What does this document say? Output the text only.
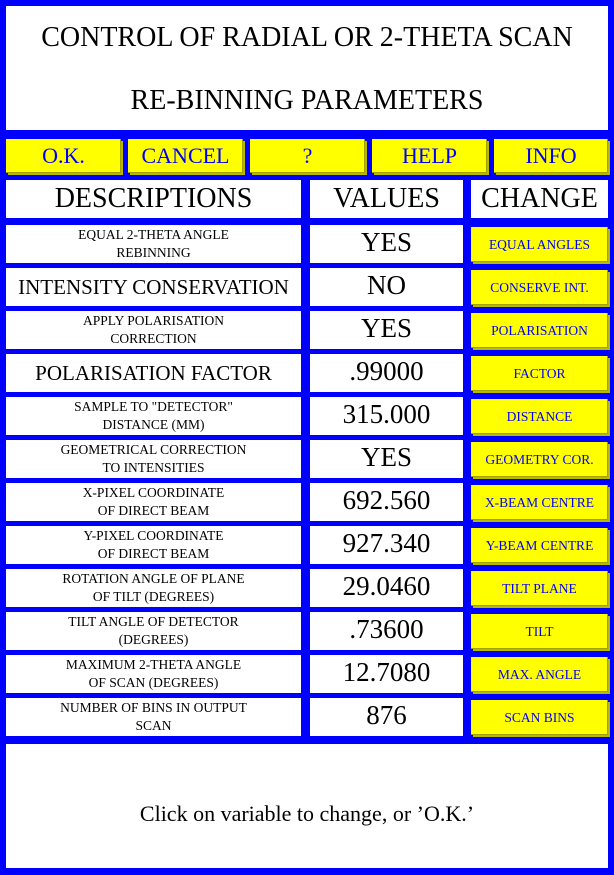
CONTROL OF RADIAL OR 2-THETA SCAN
RE-BINNING PARAMETERS
O.K.	CANCEL	?	HELP	INFO
DESCRIPTIONS	VALUES	CHANGE
EQUAL 2-THETA ANGLE
REBINNING	YES	EQUAL ANGLES
INTENSITY CONSERVATION	NO	CONSERVE INT.
APPLY POLARISATION
CORRECTION	YES	POLARISATION
POLARISATION FACTOR	.99000	FACTOR
SAMPLE TO "DETECTOR"
DISTANCE (MM)	315.000	DISTANCE
GEOMETRICAL CORRECTION
TO INTENSITIES	YES	GEOMETRY COR.
X-PIXEL COORDINATE
OF DIRECT BEAM	692.560	X-BEAM CENTRE
Y-PIXEL COORDINATE
OF DIRECT BEAM	927.340	Y-BEAM CENTRE
ROTATION ANGLE OF PLANE
OF TILT (DEGREES)	29.0460	TILT PLANE
TILT ANGLE OF DETECTOR
(DEGREES)	.73600	TILT
MAXIMUM 2-THETA ANGLE
OF SCAN (DEGREES)	12.7080	MAX. ANGLE
NUMBER OF BINS IN OUTPUT
SCAN	876	SCAN BINS
Click on variable to change, or ’O.K.’
